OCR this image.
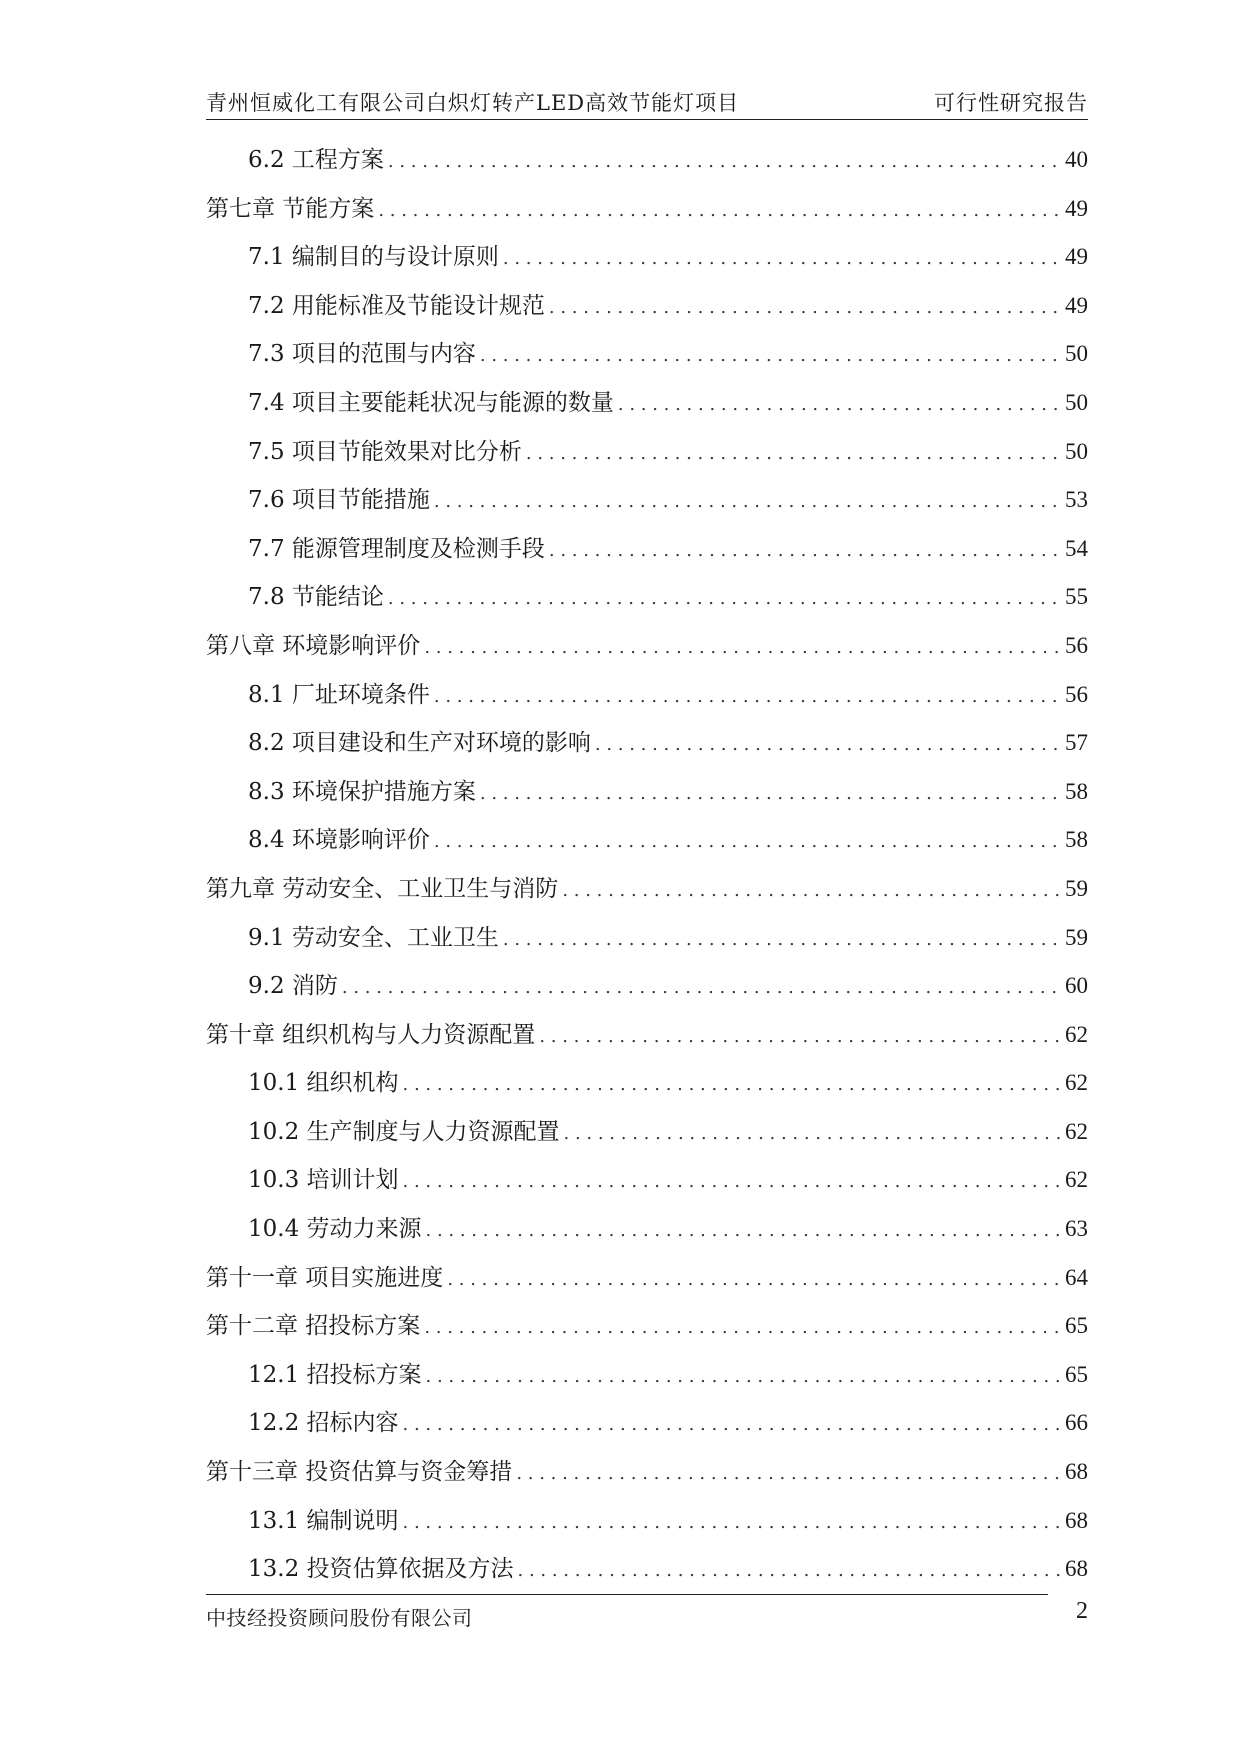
青州恒威化工有限公司白炽灯转产LED高效节能灯项目	可行性研究报告
6.2 工程方案 . . .	40
第七章 节能方案 . . .	49
7.1 编制目的与设计原则 . . .	49
7.2 用能标准及节能设计规范 . . .	49
7.3 项目的范围与内容 . . .	50
7.4 项目主要能耗状况与能源的数量 . . .	50
7.5 项目节能效果对比分析 . . .	50
7.6 项目节能措施 . . .	53
7.7 能源管理制度及检测手段 . . .	54
7.8 节能结论 . . .	55
第八章 环境影响评价 . . .	56
8.1 厂址环境条件 . . .	56
8.2 项目建设和生产对环境的影响 . . .	57
8.3 环境保护措施方案 . . .	58
8.4 环境影响评价 . . .	58
第九章 劳动安全、工业卫生与消防 . . .	59
9.1 劳动安全、工业卫生 . . .	59
9.2 消防 . . .	60
第十章 组织机构与人力资源配置 . . .	62
10.1 组织机构 . . .	62
10.2 生产制度与人力资源配置 . . .	62
10.3 培训计划 . . .	62
10.4 劳动力来源 . . .	63
第十一章 项目实施进度 . . .	64
第十二章 招投标方案 . . .	65
12.1 招投标方案 . . .	65
12.2 招标内容 . . .	66
第十三章 投资估算与资金筹措 . . .	68
13.1 编制说明 . . .	68
13.2 投资估算依据及方法 . . .	68
中技经投资顾问股份有限公司	2
